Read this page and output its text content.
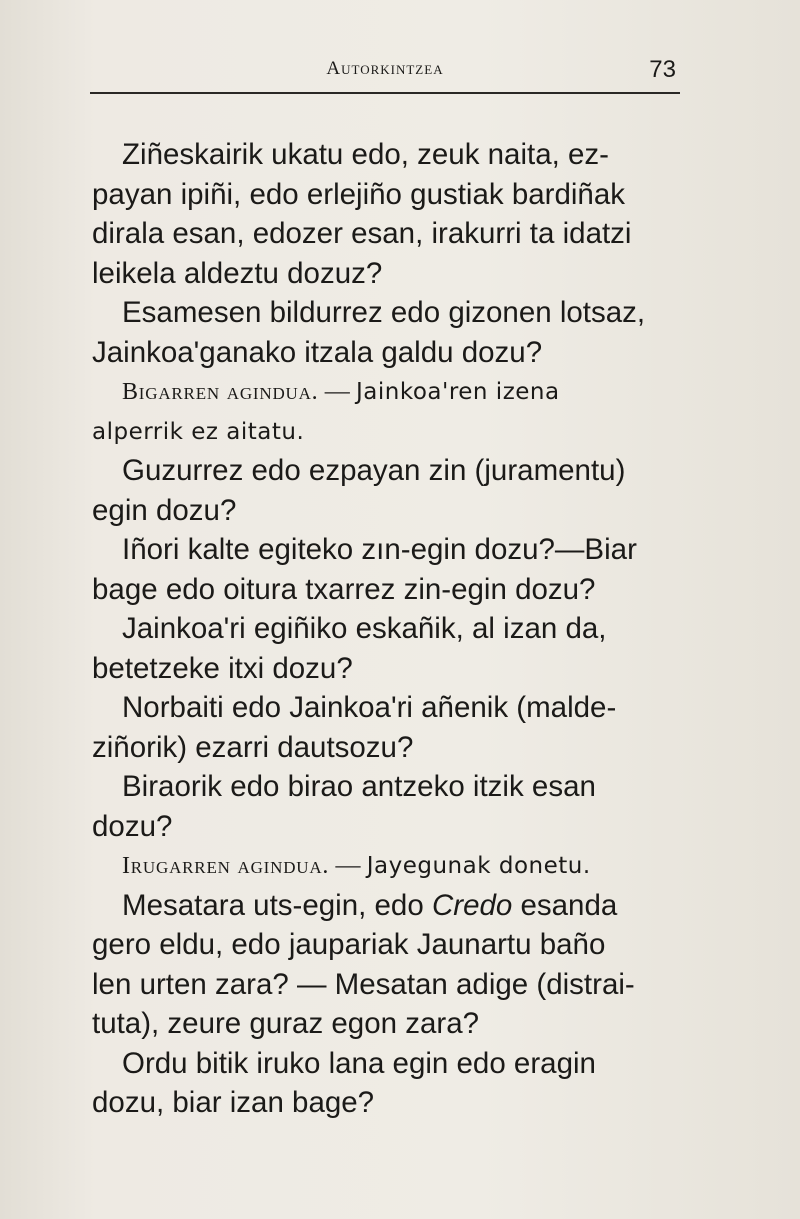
Autorkintzea	73
Ziñeskairik ukatu edo, zeuk naita, ez-
payan ipiñi, edo erlejiño gustiak bardiñak
dirala esan, edozer esan, irakurri ta idatzi
leikela aldeztu dozuz?
Esamesen bildurrez edo gizonen lotsaz,
Jainkoa'ganako itzala galdu dozu?
Bigarren agindua. — Jainkoa'ren izena
alperrik ez aitatu.
Guzurrez edo ezpayan zin (juramentu)
egin dozu?
Iñori kalte egiteko zın-egin dozu?—Biar
bage edo oitura txarrez zin-egin dozu?
Jainkoa'ri egiñiko eskañik, al izan da,
betetzeke itxi dozu?
Norbaiti edo Jainkoa'ri añenik (malde-
ziñorik) ezarri dautsozu?
Biraorik edo birao antzeko itzik esan
dozu?
Irugarren agindua. — Jayegunak donetu.
Mesatara uts-egin, edo Credo esanda
gero eldu, edo jaupariak Jaunartu baño
len urten zara? — Mesatan adige (distrai-
tuta), zeure guraz egon zara?
Ordu bitik iruko lana egin edo eragin
dozu, biar izan bage?
